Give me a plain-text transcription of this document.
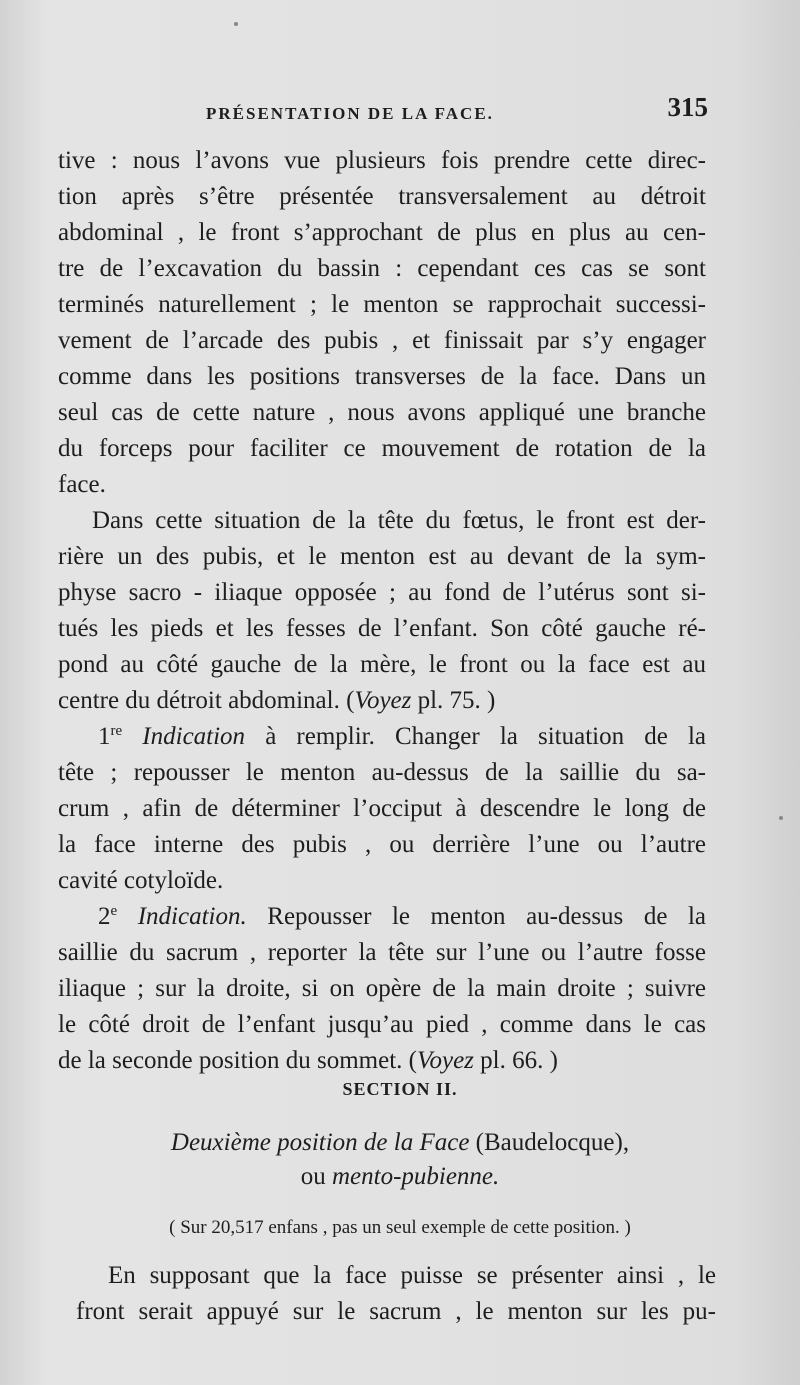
PRÉSENTATION DE LA FACE.	315
tive : nous l’avons vue plusieurs fois prendre cette direc-
tion après s’être présentée transversalement au détroit
abdominal , le front s’approchant de plus en plus au cen-
tre de l’excavation du bassin : cependant ces cas se sont
terminés naturellement ; le menton se rapprochait successi-
vement de l’arcade des pubis , et finissait par s’y engager
comme dans les positions transverses de la face. Dans un
seul cas de cette nature , nous avons appliqué une branche
du forceps pour faciliter ce mouvement de rotation de la
face.
Dans cette situation de la tête du fœtus, le front est der-
rière un des pubis, et le menton est au devant de la sym-
physe sacro - iliaque opposée ; au fond de l’utérus sont si-
tués les pieds et les fesses de l’enfant. Son côté gauche ré-
pond au côté gauche de la mère, le front ou la face est au
centre du détroit abdominal. (Voyez pl. 75. )
1re Indication à remplir. Changer la situation de la
tête ; repousser le menton au-dessus de la saillie du sa-
crum , afin de déterminer l’occiput à descendre le long de
la face interne des pubis , ou derrière l’une ou l’autre
cavité cotyloïde.
2e Indication. Repousser le menton au-dessus de la
saillie du sacrum , reporter la tête sur l’une ou l’autre fosse
iliaque ; sur la droite, si on opère de la main droite ; suivre
le côté droit de l’enfant jusqu’au pied , comme dans le cas
de la seconde position du sommet. (Voyez pl. 66. )
SECTION II.
Deuxième position de la Face (Baudelocque),
ou mento-pubienne.
( Sur 20,517 enfans , pas un seul exemple de cette position. )
En supposant que la face puisse se présenter ainsi , le
front serait appuyé sur le sacrum , le menton sur les pu-
